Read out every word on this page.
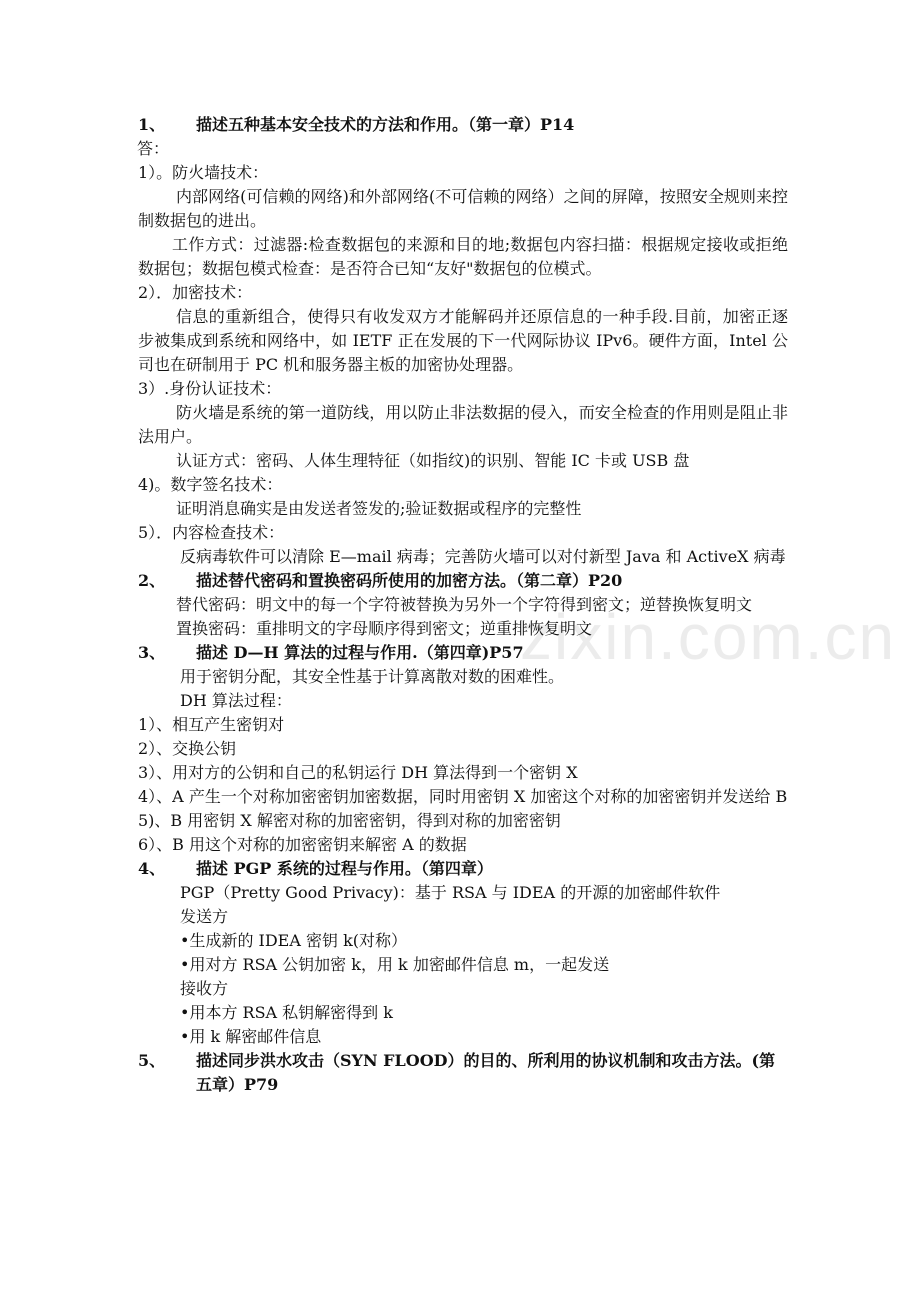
zixin.com.cn
1、 描述五种基本安全技术的方法和作用。（第一章）P14
答：
1）。防火墙技术：
内部网络(可信赖的网络)和外部网络(不可信赖的网络）之间的屏障，按照安全规则来控制数据包的进出。
工作方式：过滤器:检查数据包的来源和目的地;数据包内容扫描：根据规定接收或拒绝数据包；数据包模式检查：是否符合已知“友好"数据包的位模式。
2）．加密技术：
信息的重新组合，使得只有收发双方才能解码并还原信息的一种手段.目前，加密正逐步被集成到系统和网络中，如 IETF 正在发展的下一代网际协议 IPv6。硬件方面，Intel 公司也在研制用于 PC 机和服务器主板的加密协处理器。
3）.身份认证技术：
防火墙是系统的第一道防线，用以防止非法数据的侵入，而安全检查的作用则是阻止非法用户。
认证方式：密码、人体生理特征（如指纹)的识别、智能 IC 卡或 USB 盘
4)。数字签名技术：
证明消息确实是由发送者签发的;验证数据或程序的完整性
5）．内容检查技术：
反病毒软件可以清除 E—mail 病毒；完善防火墙可以对付新型 Java 和 ActiveX 病毒
2、 描述替代密码和置换密码所使用的加密方法。（第二章）P20
替代密码：明文中的每一个字符被替换为另外一个字符得到密文；逆替换恢复明文
置换密码：重排明文的字母顺序得到密文；逆重排恢复明文
3、 描述 D—H 算法的过程与作用.（第四章)P57
用于密钥分配，其安全性基于计算离散对数的困难性。
DH 算法过程：
1）、相互产生密钥对
2）、交换公钥
3）、用对方的公钥和自己的私钥运行 DH 算法得到一个密钥 X
4）、A 产生一个对称加密密钥加密数据，同时用密钥 X 加密这个对称的加密密钥并发送给 B
5)、B 用密钥 X 解密对称的加密密钥，得到对称的加密密钥
6）、B 用这个对称的加密密钥来解密 A 的数据
4、 描述 PGP 系统的过程与作用。（第四章）
PGP（Pretty Good Privacy)：基于 RSA 与 IDEA 的开源的加密邮件软件
发送方
•生成新的 IDEA 密钥 k(对称）
•用对方 RSA 公钥加密 k，用 k 加密邮件信息 m，一起发送
接收方
•用本方 RSA 私钥解密得到 k
•用 k 解密邮件信息
5、 描述同步洪水攻击（SYN FLOOD）的目的、所利用的协议机制和攻击方法。(第五章）P79
